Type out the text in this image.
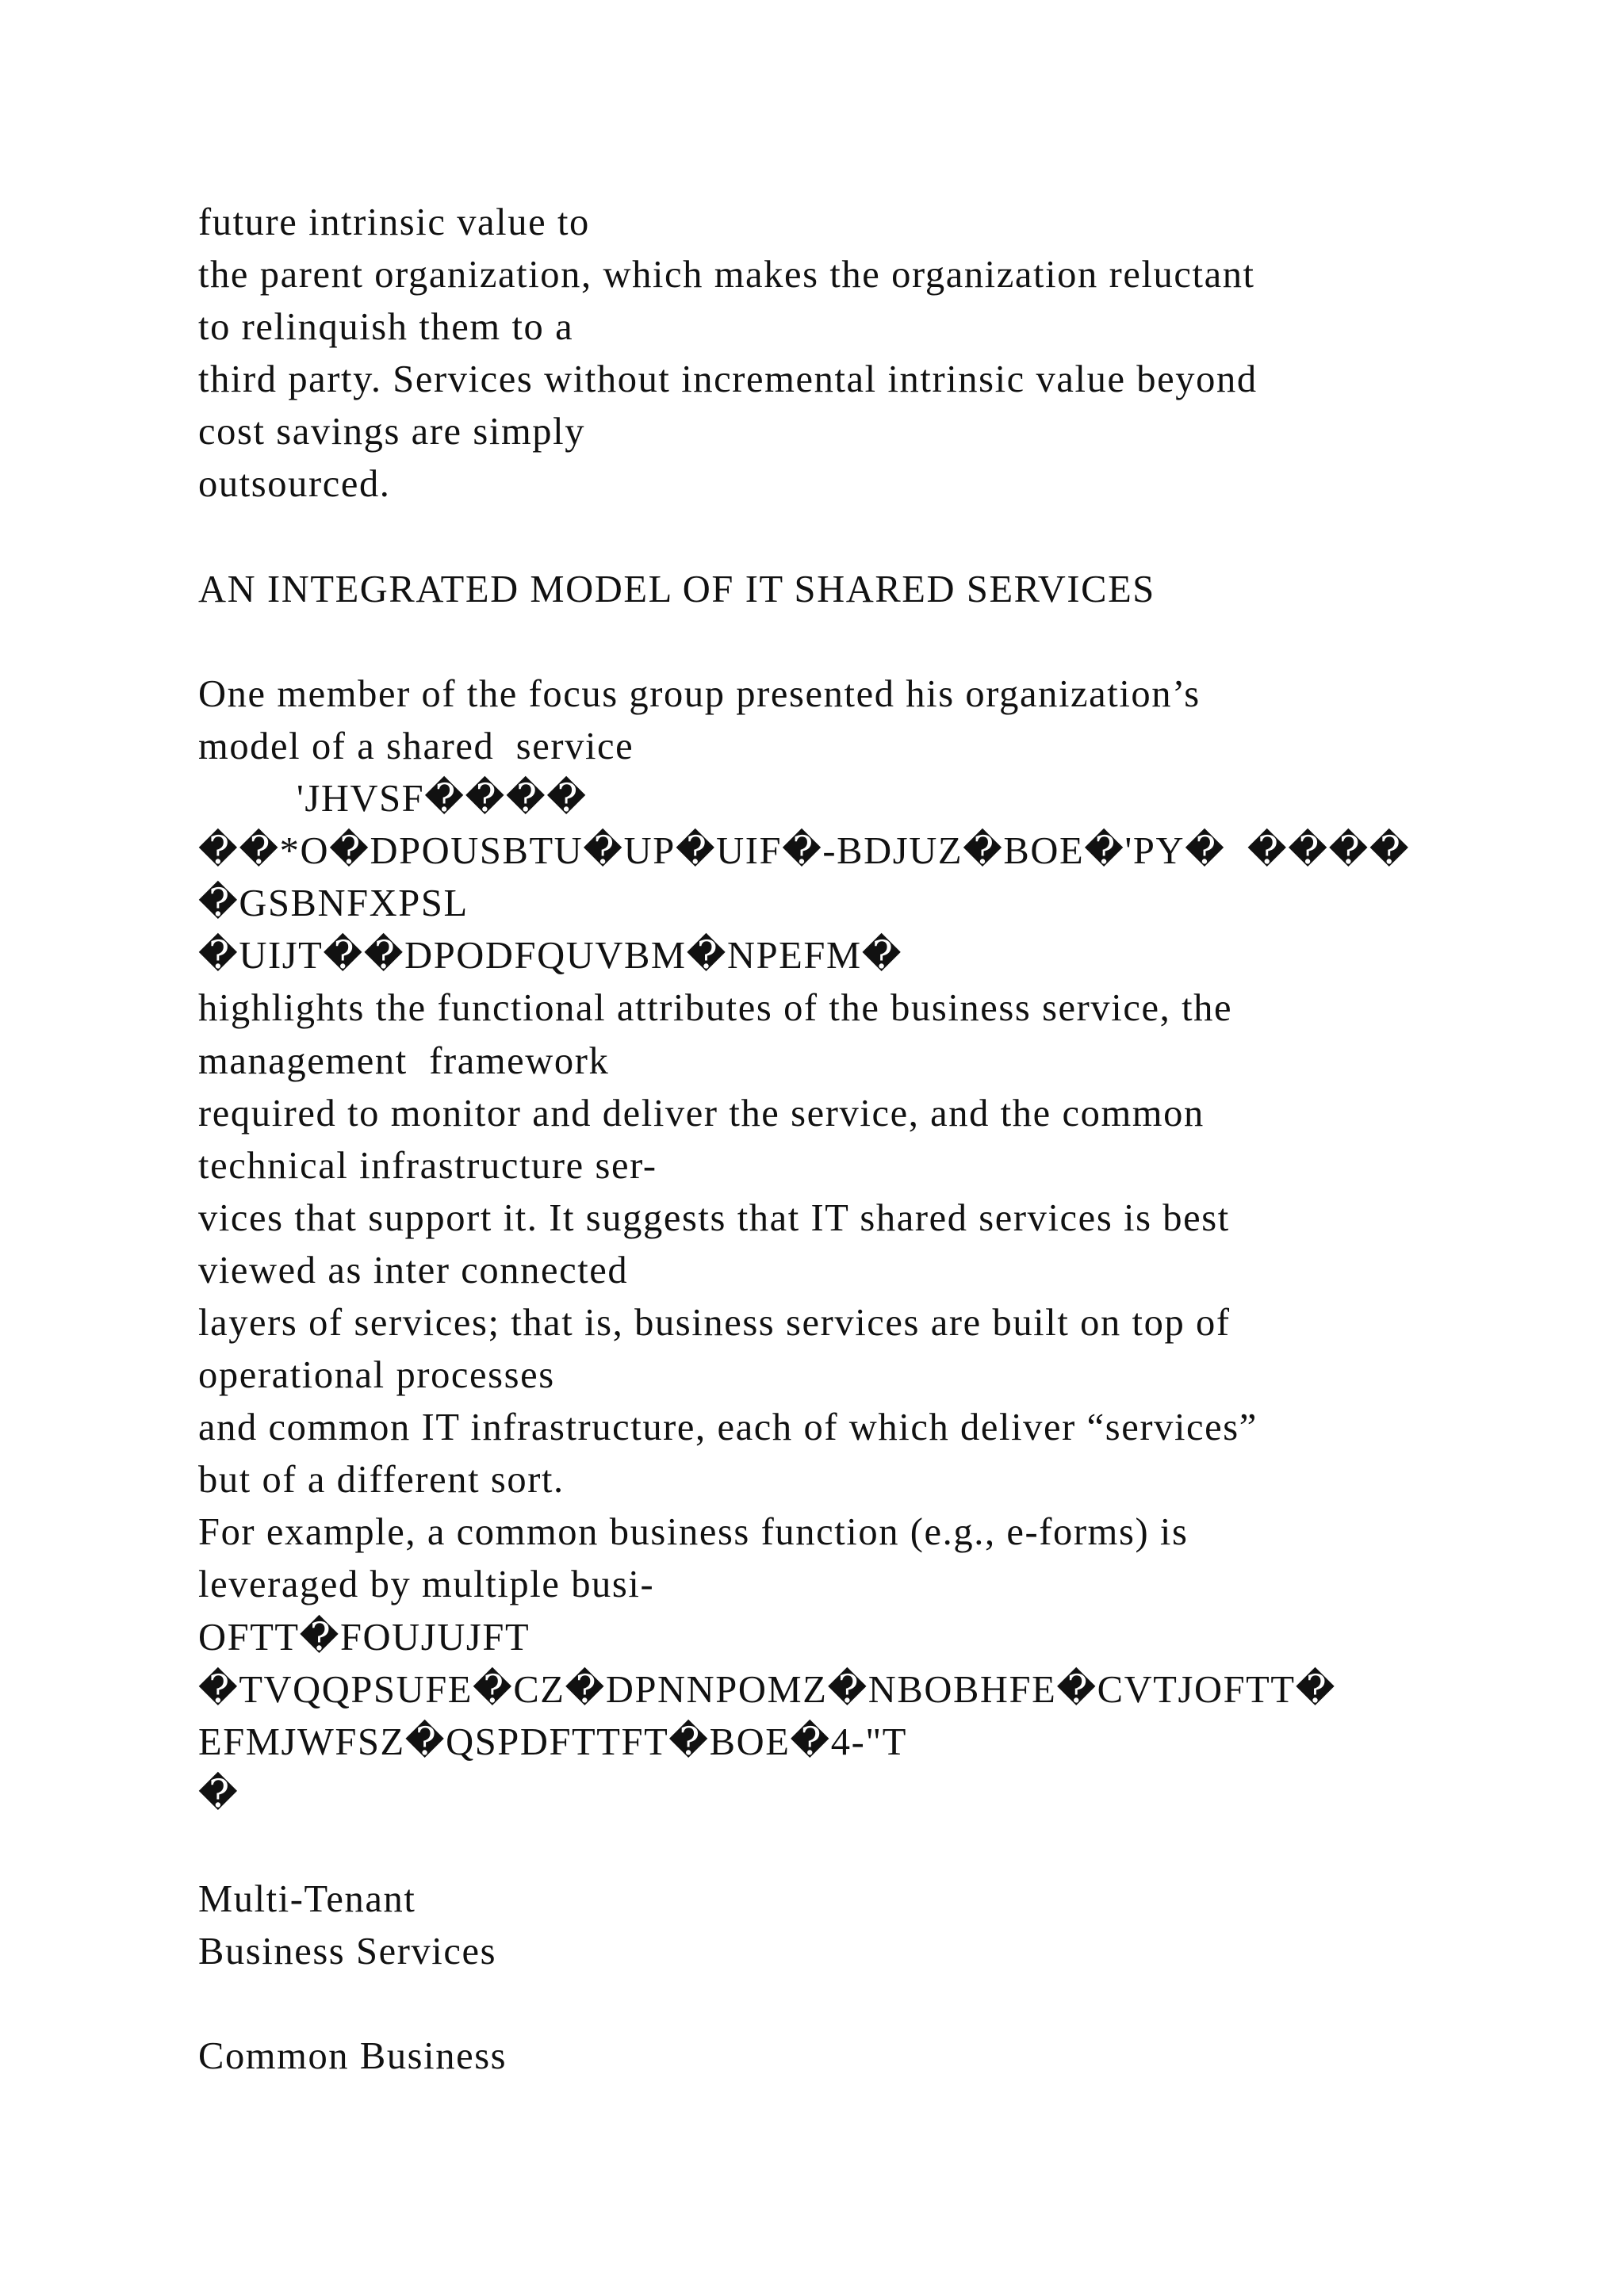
future intrinsic value to
the parent organization, which makes the organization reluctant
to relinquish them to a
third party. Services without incremental intrinsic value beyond
cost savings are simply
outsourced.
AN INTEGRATED MODEL OF IT SHARED SERVICES
One member of the focus group presented his organization’s
model of a shared  service
'JHVSF����
��*O�DPOUSBTU�UP�UIF�-BDJUZ�BOE�'PY�  ����
�GSBNFXPSL
�UIJT��DPODFQUVBM�NPEFM�
highlights the functional attributes of the business service, the
management  framework
required to monitor and deliver the service, and the common
technical infrastructure ser-
vices that support it. It suggests that IT shared services is best
viewed as inter connected
layers of services; that is, business services are built on top of
operational processes
and common IT infrastructure, each of which deliver “services”
but of a different sort.
For example, a common business function (e.g., e-forms) is
leveraged by multiple busi-
OFTT�FOUJUJFT
�TVQQPSUFE�CZ�DPNNPOMZ�NBOBHFE�CVTJOFTT�
EFMJWFSZ�QSPDFTTFT�BOE�4-"T
�
Multi-Tenant
Business Services
Common Business
